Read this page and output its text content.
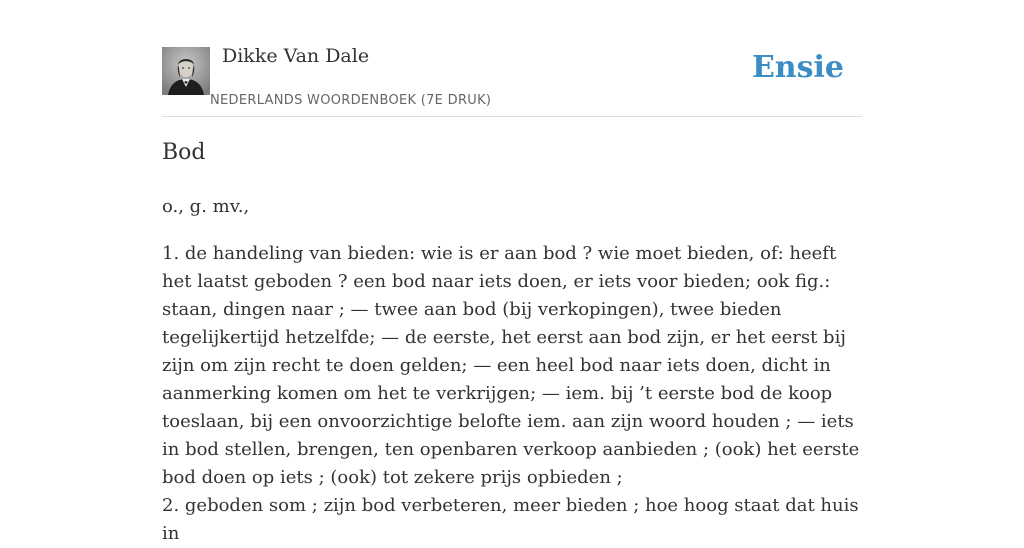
Dikke Van Dale
NEDERLANDS WOORDENBOEK (7E DRUK)
Ensie
Bod

o., g. mv.,

1. de handeling van bieden: wie is er aan bod ? wie moet bieden, of: heeft het laatst geboden ? een bod naar iets doen, er iets voor bieden; ook fig.: staan, dingen naar ; — twee aan bod (bij verkopingen), twee bieden tegelijkertijd hetzelfde; — de eerste, het eerst aan bod zijn, er het eerst bij zijn om zijn recht te doen gelden; — een heel bod naar iets doen, dicht in aanmerking komen om het te verkrijgen; — iem. bij ’t eerste bod de koop toeslaan, bij een onvoorzichtige belofte iem. aan zijn woord houden ; — iets in bod stellen, brengen, ten openbaren verkoop aanbieden ; (ook) het eerste bod doen op iets ; (ook) tot zekere prijs opbieden ;

2. geboden som ; zijn bod verbeteren, meer bieden ; hoe hoog staat dat huis in
